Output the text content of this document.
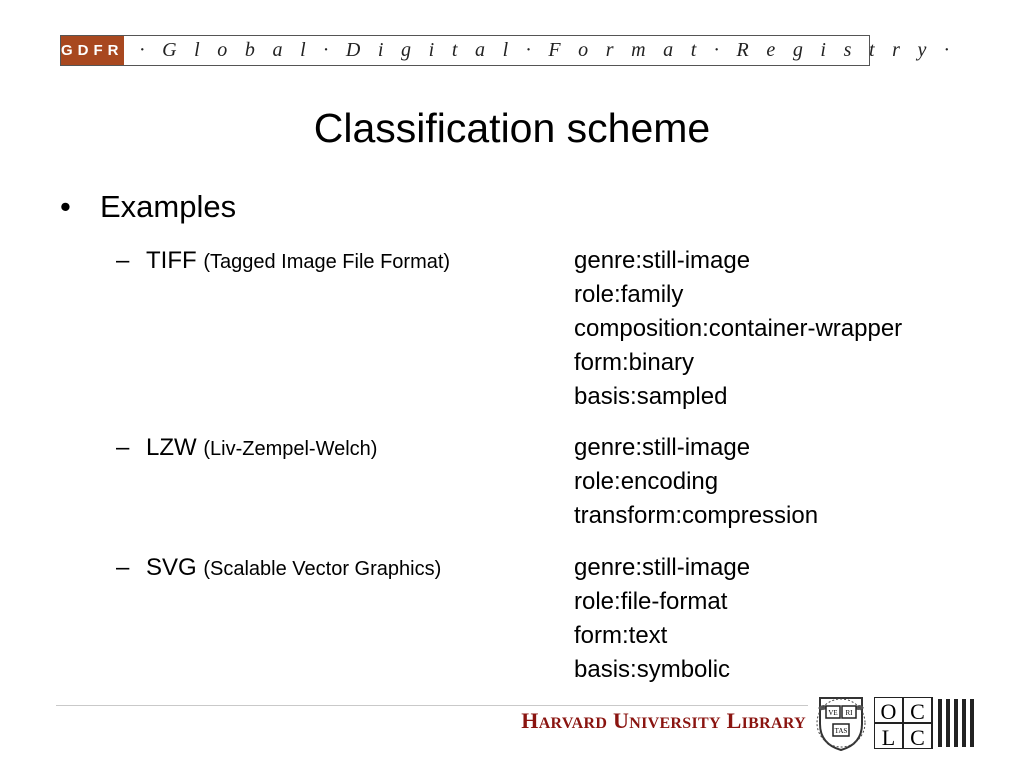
GDFR · G l o b a l · D i g i t a l · F o r m a t · R e g i s t r y ·
Classification scheme
• Examples
– TIFF (Tagged Image File Format)	genre:still-image
role:family
composition:container-wrapper
form:binary
basis:sampled
– LZW (Liv-Zempel-Welch)	genre:still-image
role:encoding
transform:compression
– SVG (Scalable Vector Graphics)	genre:still-image
role:file-format
form:text
basis:symbolic
HARVARD UNIVERSITY LIBRARY
VE RI
TAS
O C
L C
